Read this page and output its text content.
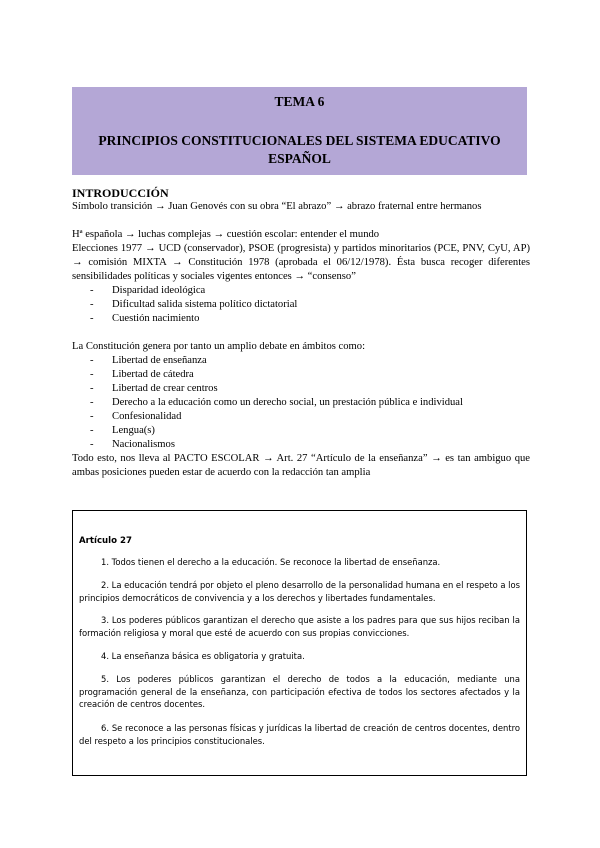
TEMA 6
PRINCIPIOS CONSTITUCIONALES DEL SISTEMA EDUCATIVO ESPAÑOL
INTRODUCCIÓN
Símbolo transición → Juan Genovés con su obra “El abrazo” → abrazo fraternal entre hermanos
Hª española → luchas complejas → cuestión escolar: entender el mundo
Elecciones 1977 → UCD (conservador), PSOE (progresista) y partidos minoritarios (PCE, PNV, CyU, AP) → comisión MIXTA → Constitución 1978 (aprobada el 06/12/1978). Ésta busca recoger diferentes sensibilidades políticas y sociales vigentes entonces → “consenso”
- Disparidad ideológica
- Dificultad salida sistema político dictatorial
- Cuestión nacimiento
La Constitución genera por tanto un amplio debate en ámbitos como:
- Libertad de enseñanza
- Libertad de cátedra
- Libertad de crear centros
- Derecho a la educación como un derecho social, un prestación pública e individual
- Confesionalidad
- Lengua(s)
- Nacionalismos
Todo esto, nos lleva al PACTO ESCOLAR → Art. 27 “Artículo de la enseñanza” → es tan ambiguo que ambas posiciones pueden estar de acuerdo con la redacción tan amplia
Artículo 27
1. Todos tienen el derecho a la educación. Se reconoce la libertad de enseñanza.
2. La educación tendrá por objeto el pleno desarrollo de la personalidad humana en el respeto a los principios democráticos de convivencia y a los derechos y libertades fundamentales.
3. Los poderes públicos garantizan el derecho que asiste a los padres para que sus hijos reciban la formación religiosa y moral que esté de acuerdo con sus propias convicciones.
4. La enseñanza básica es obligatoria y gratuita.
5. Los poderes públicos garantizan el derecho de todos a la educación, mediante una programación general de la enseñanza, con participación efectiva de todos los sectores afectados y la creación de centros docentes.
6. Se reconoce a las personas físicas y jurídicas la libertad de creación de centros docentes, dentro del respeto a los principios constitucionales.
